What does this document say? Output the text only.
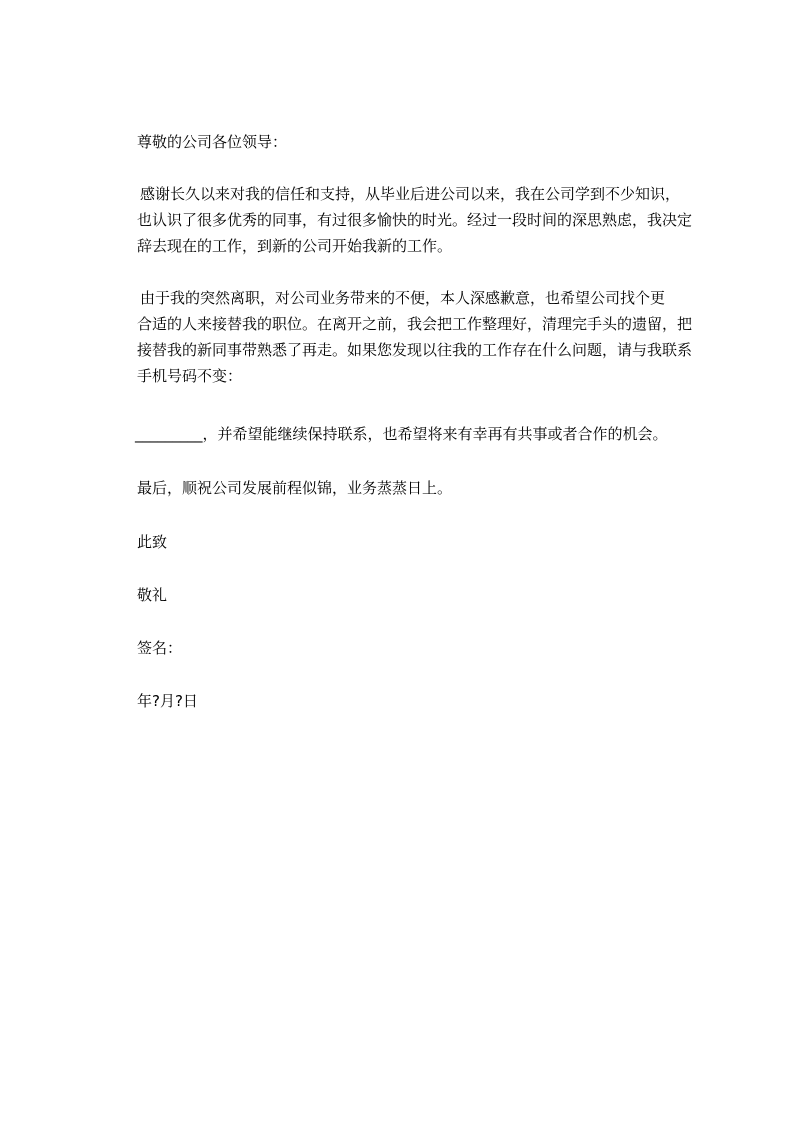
尊敬的公司各位领导：
感谢长久以来对我的信任和支持，从毕业后进公司以来，我在公司学到不少知识，
也认识了很多优秀的同事，有过很多愉快的时光。经过一段时间的深思熟虑，我决定
辞去现在的工作，到新的公司开始我新的工作。
由于我的突然离职，对公司业务带来的不便，本人深感歉意，也希望公司找个更
合适的人来接替我的职位。在离开之前，我会把工作整理好，清理完手头的遗留，把
接替我的新同事带熟悉了再走。如果您发现以往我的工作存在什么问题，请与我联系
手机号码不变：
_________，并希望能继续保持联系，也希望将来有幸再有共事或者合作的机会。
最后，顺祝公司发展前程似锦，业务蒸蒸日上。
此致
敬礼
签名：
年?月?日
